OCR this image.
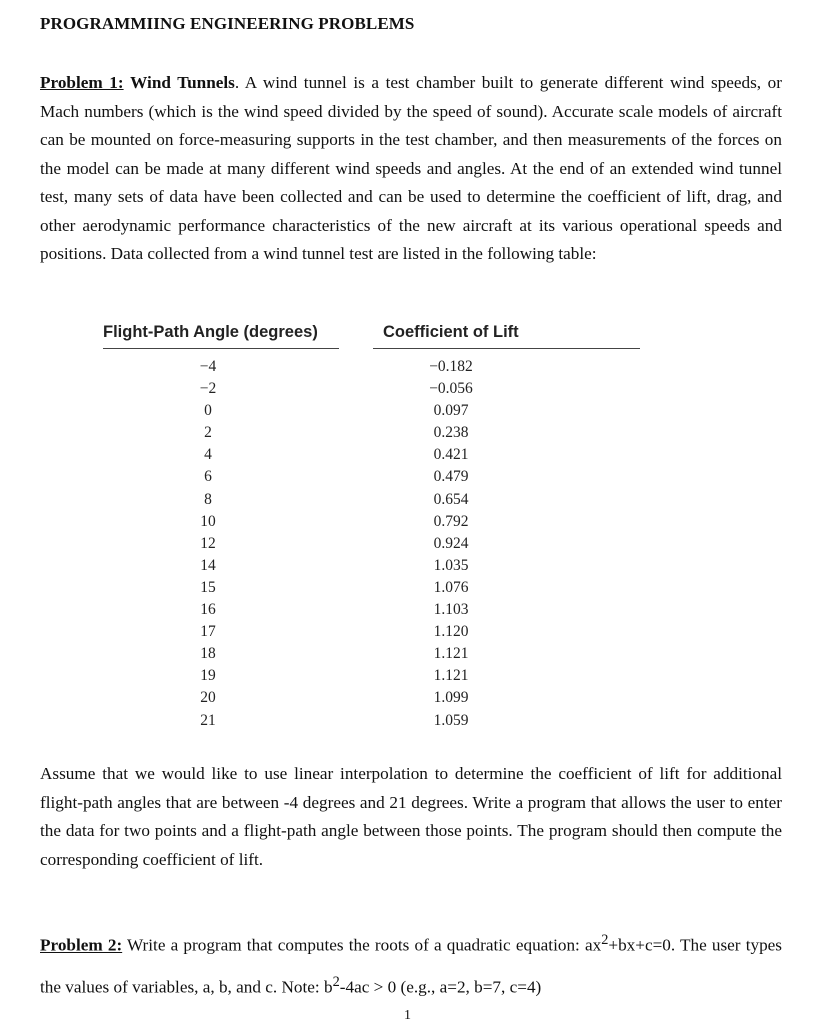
PROGRAMMIING ENGINEERING PROBLEMS
Problem 1: Wind Tunnels. A wind tunnel is a test chamber built to generate different wind speeds, or Mach numbers (which is the wind speed divided by the speed of sound). Accurate scale models of aircraft can be mounted on force-measuring supports in the test chamber, and then measurements of the forces on the model can be made at many different wind speeds and angles. At the end of an extended wind tunnel test, many sets of data have been collected and can be used to determine the coefficient of lift, drag, and other aerodynamic performance characteristics of the new aircraft at its various operational speeds and positions. Data collected from a wind tunnel test are listed in the following table:
Flight-Path Angle (degrees)	Coefficient of Lift
−4
−2
0
2
4
6
8
10
12
14
15
16
17
18
19
20
21
−0.182
−0.056
0.097
0.238
0.421
0.479
0.654
0.792
0.924
1.035
1.076
1.103
1.120
1.121
1.121
1.099
1.059
Assume that we would like to use linear interpolation to determine the coefficient of lift for additional flight-path angles that are between -4 degrees and 21 degrees. Write a program that allows the user to enter the data for two points and a flight-path angle between those points. The program should then compute the corresponding coefficient of lift.
Problem 2: Write a program that computes the roots of a quadratic equation: $ax^2+bx+c=0$. The user types the values of variables, a, b, and c. Note: $b^2-4ac > 0$ (e.g., a=2, b=7, c=4)
1
